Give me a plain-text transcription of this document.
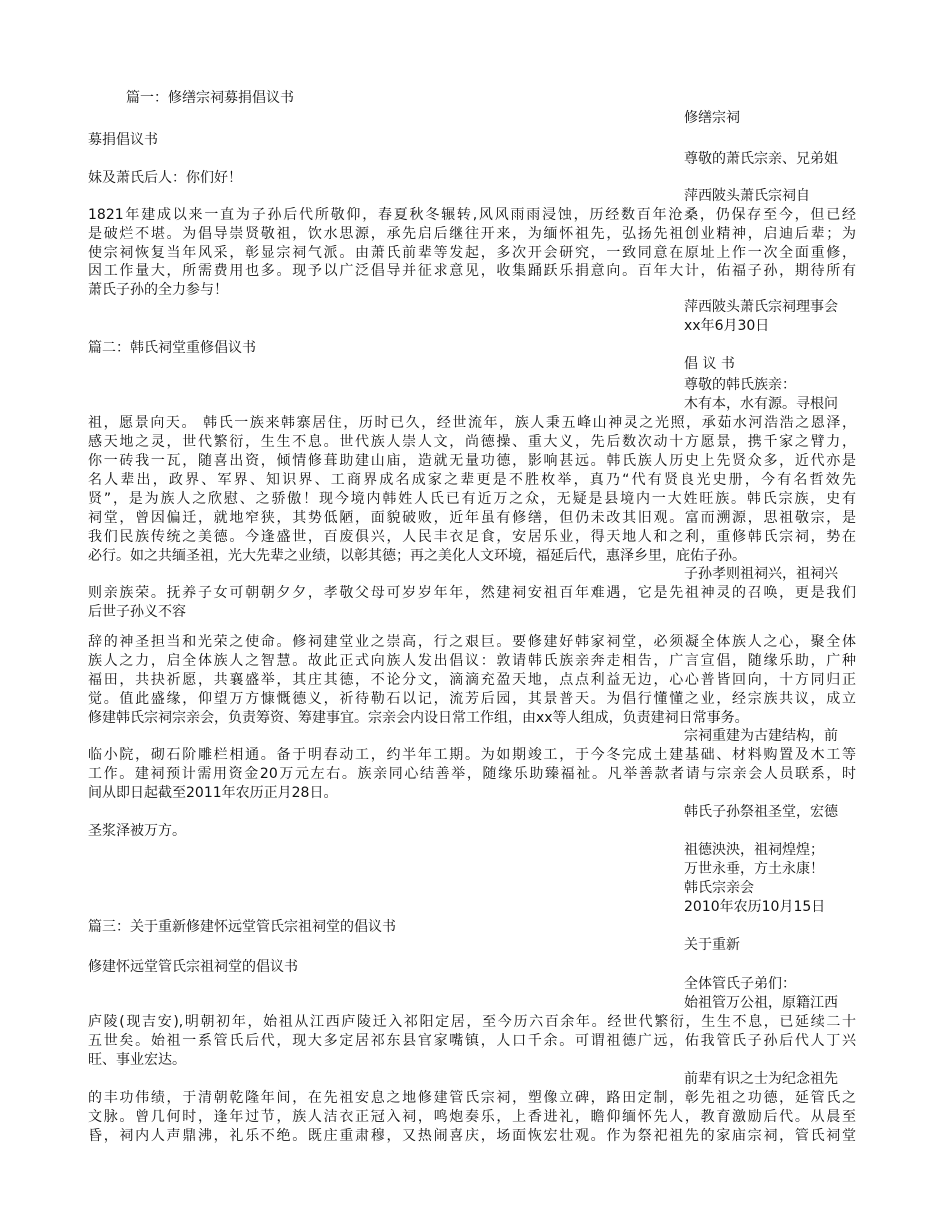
篇一：修缮宗祠募捐倡议书
修缮宗祠
募捐倡议书
尊敬的萧氏宗亲、兄弟姐
妹及萧氏后人：你们好！
萍西陂头萧氏宗祠自
1821年建成以来一直为子孙后代所敬仰，春夏秋冬辗转,风风雨雨浸蚀，历经数百年沧桑，仍保存至今，但已经
是破烂不堪。为倡导崇贤敬祖，饮水思源，承先启后继往开来，为缅怀祖先，弘扬先祖创业精神，启迪后辈；为
使宗祠恢复当年风采，彰显宗祠气派。由萧氏前辈等发起，多次开会研究，一致同意在原址上作一次全面重修，
因工作量大，所需费用也多。现予以广泛倡导并征求意见，收集踊跃乐捐意向。百年大计，佑福子孙，期待所有
萧氏子孙的全力参与！
萍西陂头萧氏宗祠理事会
xx年6月30日
篇二：韩氏祠堂重修倡议书
倡 议 书
尊敬的韩氏族亲：
木有本，水有源。寻根问
祖，愿景向天。 韩氏一族来韩寨居住，历时已久，经世流年，族人秉五峰山神灵之光照，承茹水河浩浩之恩泽，
感天地之灵，世代繁衍，生生不息。世代族人崇人文，尚德操、重大义，先后数次动十方愿景，携千家之臂力，
你一砖我一瓦，随喜出资，倾情修葺助建山庙，造就无量功德，影响甚远。韩氏族人历史上先贤众多，近代亦是
名人辈出，政界、军界、知识界、工商界成名成家之辈更是不胜枚举，真乃“代有贤良光史册，今有名哲效先
贤”，是为族人之欣慰、之骄傲！现今境内韩姓人氏已有近万之众，无疑是县境内一大姓旺族。韩氏宗族，史有
祠堂，曾因偏迁，就地窄狭，其势低陋，面貌破败，近年虽有修缮，但仍未改其旧观。富而溯源，思祖敬宗，是
我们民族传统之美德。今逢盛世，百废俱兴，人民丰衣足食，安居乐业，得天地人和之利，重修韩氏宗祠，势在
必行。如之共缅圣祖，光大先辈之业绩，以彰其德；再之美化人文环境，福延后代，惠泽乡里，庇佑子孙。
子孙孝则祖祠兴，祖祠兴
则亲族荣。抚养子女可朝朝夕夕，孝敬父母可岁岁年年，然建祠安祖百年难遇，它是先祖神灵的召唤，更是我们
后世子孙义不容
辞的神圣担当和光荣之使命。修祠建堂业之崇高，行之艰巨。要修建好韩家祠堂，必须凝全体族人之心，聚全体
族人之力，启全体族人之智慧。故此正式向族人发出倡议：敦请韩氏族亲奔走相告，广言宣倡，随缘乐助，广种
福田，共抉祈愿，共襄盛举，其庄其德，不论分文，滴滴充盈天地，点点利益无边，心心普皆回向，十方同归正
觉。值此盛缘，仰望万方慷慨德义，祈待勒石以记，流芳后园，其景普天。为倡行懂懂之业，经宗族共议，成立
修建韩氏宗祠宗亲会，负责筹资、筹建事宜。宗亲会内设日常工作组，由xx等人组成，负责建祠日常事务。
宗祠重建为古建结构，前
临小院，砌石阶雕栏相通。备于明春动工，约半年工期。为如期竣工，于今冬完成土建基础、材料购置及木工等
工作。建祠预计需用资金20万元左右。族亲同心结善举，随缘乐助臻福祉。凡举善款者请与宗亲会人员联系，时
间从即日起截至2011年农历正月28日。
韩氏子孙祭祖圣堂，宏德
圣浆泽被万方。
祖德泱泱，祖祠煌煌；
万世永垂，方土永康！
韩氏宗亲会
2010年农历10月15日
篇三：关于重新修建怀远堂管氏宗祖祠堂的倡议书
关于重新
修建怀远堂管氏宗祖祠堂的倡议书
全体管氏子弟们：
始祖管万公祖，原籍江西
庐陵(现吉安),明朝初年，始祖从江西庐陵迁入祁阳定居，至今历六百余年。经世代繁衍，生生不息，已延续二十
五世矣。始祖一系管氏后代，现大多定居祁东县官家嘴镇，人口千余。可谓祖德广远，佑我管氏子孙后代人丁兴
旺、事业宏达。
前辈有识之士为纪念祖先
的丰功伟绩，于清朝乾隆年间，在先祖安息之地修建管氏宗祠，塑像立碑，路田定制，彰先祖之功德，延管氏之
文脉。曾几何时，逢年过节，族人洁衣正冠入祠，鸣炮奏乐，上香进礼，瞻仰缅怀先人，教育激励后代。从晨至
昏，祠内人声鼎沸，礼乐不绝。既庄重肃穆，又热闹喜庆，场面恢宏壮观。作为祭祀祖先的家庙宗祠，管氏祠堂
